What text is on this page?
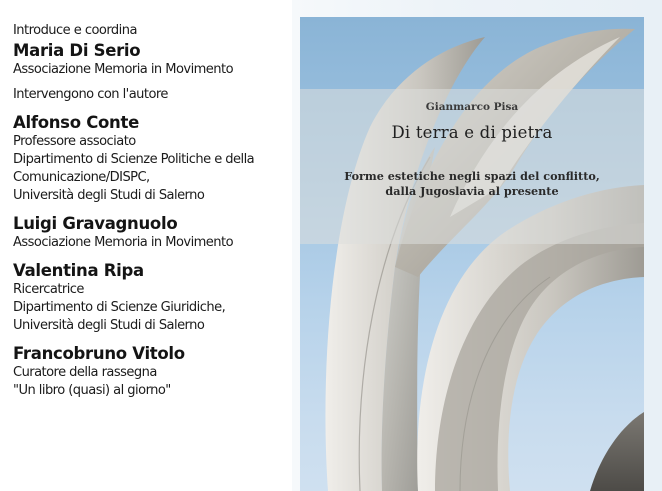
Introduce e coordina
Maria Di Serio
Associazione Memoria in Movimento
Intervengono con l'autore
Alfonso Conte
Professore associato
Dipartimento di Scienze Politiche e della
Comunicazione/DISPC,
Università degli Studi di Salerno
Luigi Gravagnuolo
Associazione Memoria in Movimento
Valentina Ripa
Ricercatrice
Dipartimento di Scienze Giuridiche,
Università degli Studi di Salerno
Francobruno Vitolo
Curatore della rassegna
"Un libro (quasi) al giorno"
Gianmarco Pisa
Di terra e di pietra
Forme estetiche negli spazi del conflitto,
dalla Jugoslavia al presente
